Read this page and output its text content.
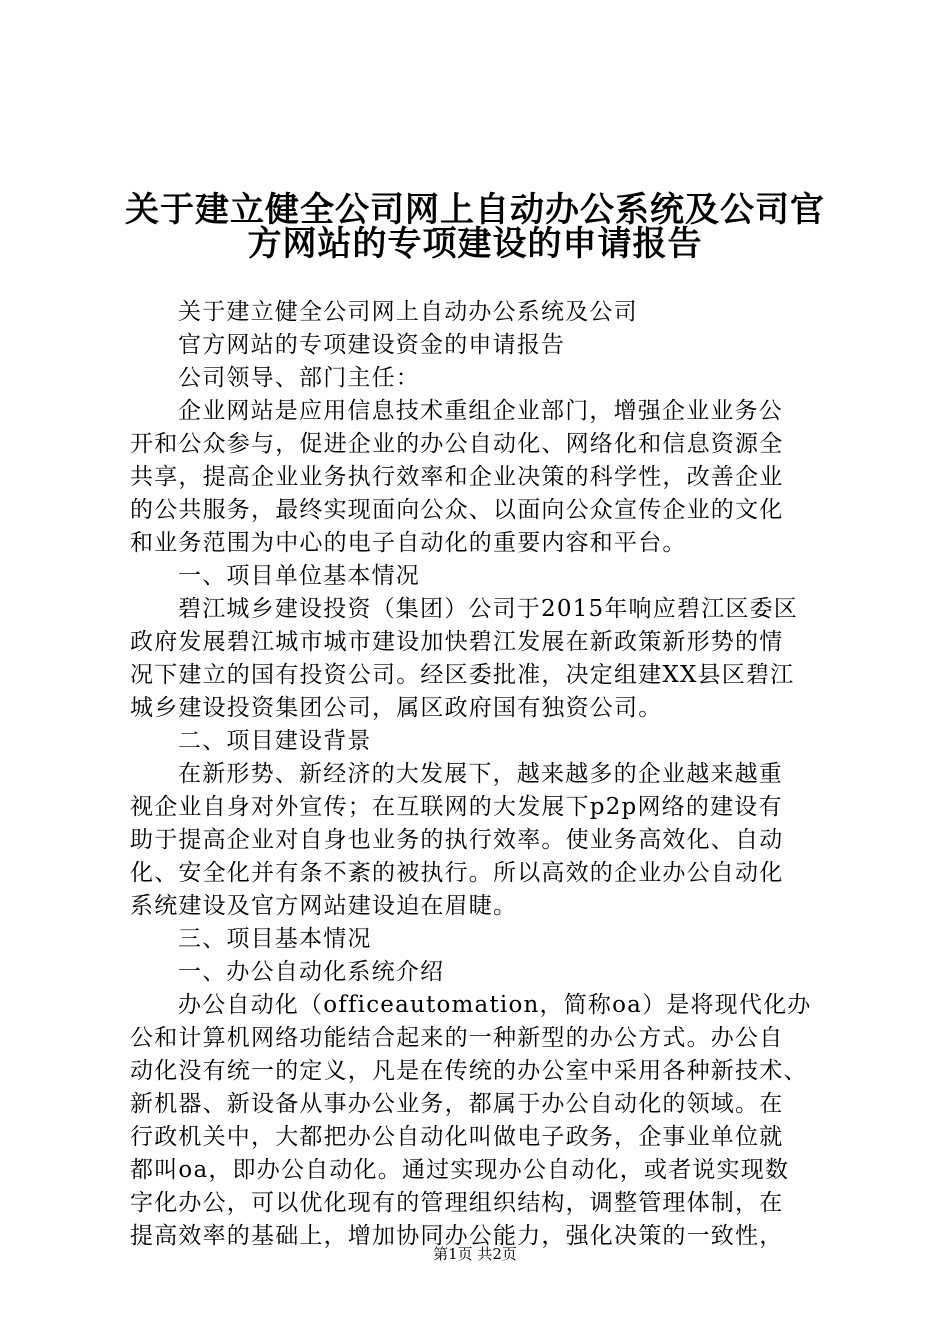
关于建立健全公司网上自动办公系统及公司官
方网站的专项建设的申请报告
关于建立健全公司网上自动办公系统及公司
官方网站的专项建设资金的申请报告
公司领导、部门主任：
企业网站是应用信息技术重组企业部门，增强企业业务公
开和公众参与，促进企业的办公自动化、网络化和信息资源全
共享，提高企业业务执行效率和企业决策的科学性，改善企业
的公共服务，最终实现面向公众、以面向公众宣传企业的文化
和业务范围为中心的电子自动化的重要内容和平台。
一、项目单位基本情况
碧江城乡建设投资（集团）公司于2015年响应碧江区委区
政府发展碧江城市城市建设加快碧江发展在新政策新形势的情
况下建立的国有投资公司。经区委批准，决定组建XX县区碧江
城乡建设投资集团公司，属区政府国有独资公司。
二、项目建设背景
在新形势、新经济的大发展下，越来越多的企业越来越重
视企业自身对外宣传；在互联网的大发展下p2p网络的建设有
助于提高企业对自身也业务的执行效率。使业务高效化、自动
化、安全化并有条不紊的被执行。所以高效的企业办公自动化
系统建设及官方网站建设迫在眉睫。
三、项目基本情况
一、办公自动化系统介绍
办公自动化（officeautomation，简称oa）是将现代化办
公和计算机网络功能结合起来的一种新型的办公方式。办公自
动化没有统一的定义，凡是在传统的办公室中采用各种新技术、
新机器、新设备从事办公业务，都属于办公自动化的领域。在
行政机关中，大都把办公自动化叫做电子政务，企事业单位就
都叫oa，即办公自动化。通过实现办公自动化，或者说实现数
字化办公，可以优化现有的管理组织结构，调整管理体制，在
提高效率的基础上，增加协同办公能力，强化决策的一致性，
第1页 共2页
